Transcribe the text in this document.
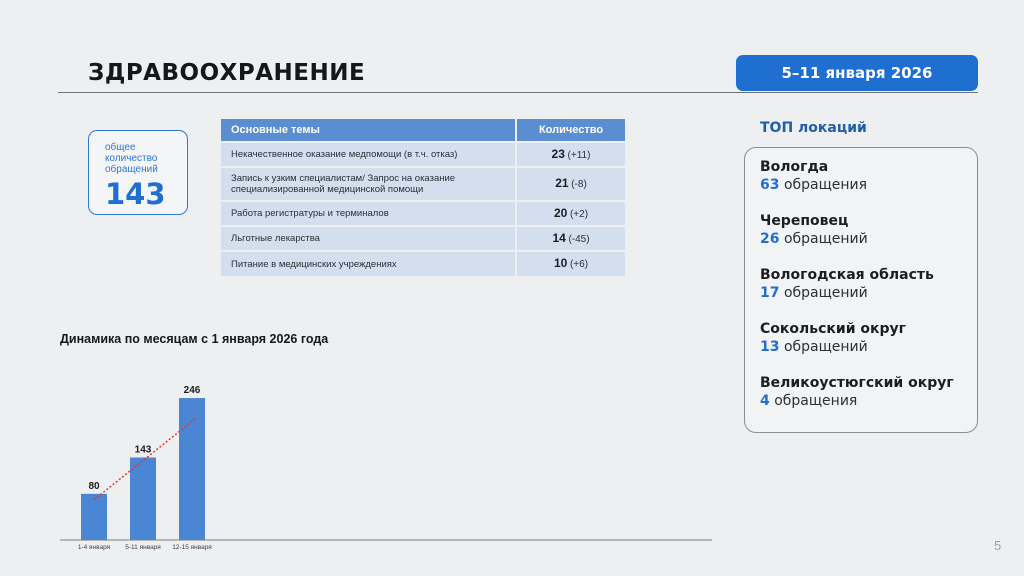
ЗДРАВООХРАНЕНИЕ	5–11 января 2026
общее количество обращений
143
Основные темы	Количество
Некачественное оказание медпомощи (в т.ч. отказ)	23 (+11)
Запись к узким специалистам/ Запрос на оказание специализированной медицинской помощи	21 (-8)
Работа регистратуры и терминалов	20 (+2)
Льготные лекарства	14 (-45)
Питание в медицинских учреждениях	10 (+6)
Динамика по месяцам с 1 января 2026 года
80
1-4 января
143
5-11 января
246
12-15 января
ТОП локаций
Вологда
63 обращения
Череповец
26 обращений
Вологодская область
17 обращений
Сокольский округ
13 обращений
Великоустюгский округ
4 обращения
5
